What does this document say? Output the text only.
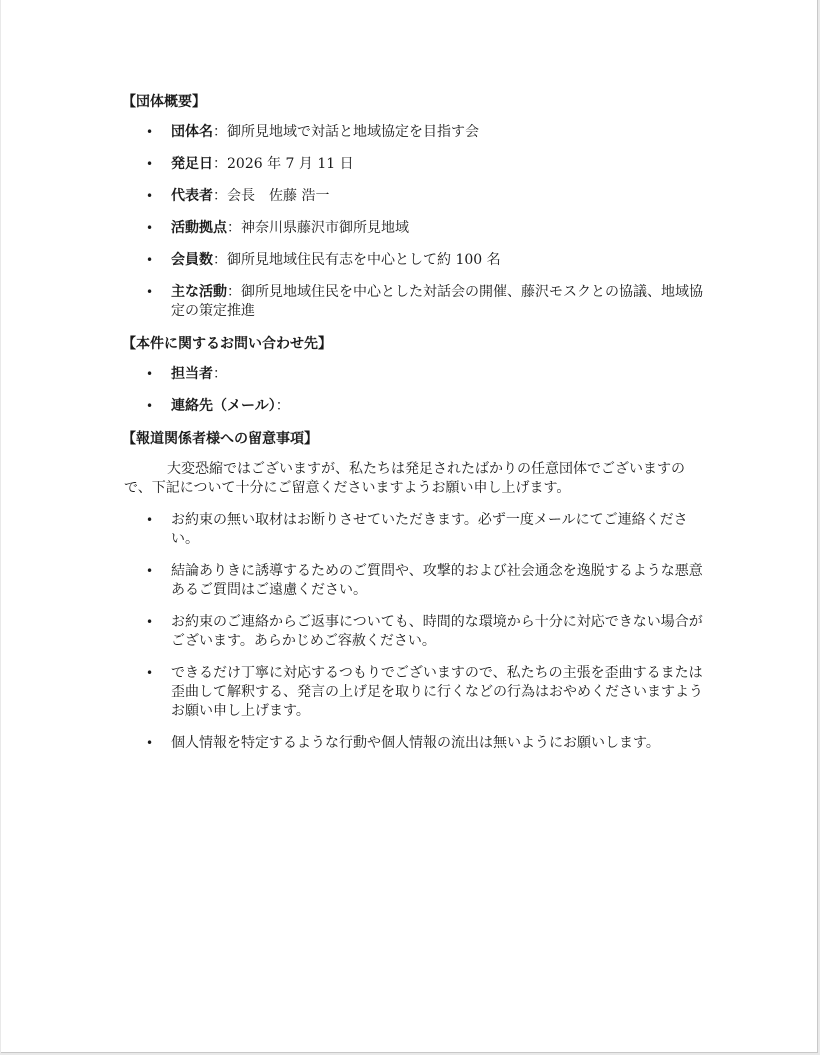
【団体概要】
• 団体名：御所見地域で対話と地域協定を目指す会
• 発足日：2026 年 7 月 11 日
• 代表者：会長　佐藤 浩一
• 活動拠点：神奈川県藤沢市御所見地域
• 会員数：御所見地域住民有志を中心として約 100 名
• 主な活動：御所見地域住民を中心とした対話会の開催、藤沢モスクとの協議、地域協定の策定推進
【本件に関するお問い合わせ先】
• 担当者：
• 連絡先（メール）：
【報道関係者様への留意事項】

大変恐縮ではございますが、私たちは発足されたばかりの任意団体でございますので、下記について十分にご留意くださいますようお願い申し上げます。

• お約束の無い取材はお断りさせていただきます。必ず一度メールにてご連絡ください。
• 結論ありきに誘導するためのご質問や、攻撃的および社会通念を逸脱するような悪意あるご質問はご遠慮ください。
• お約束のご連絡からご返事についても、時間的な環境から十分に対応できない場合がございます。あらかじめご容赦ください。
• できるだけ丁寧に対応するつもりでございますので、私たちの主張を歪曲するまたは歪曲して解釈する、発言の上げ足を取りに行くなどの行為はおやめくださいますようお願い申し上げます。
• 個人情報を特定するような行動や個人情報の流出は無いようにお願いします。
